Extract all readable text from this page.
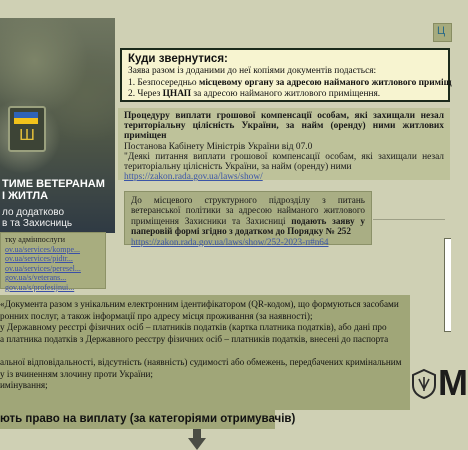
Ш
ТИМЕ ВЕТЕРАНАМ
І ЖИТЛА
ло додатково
в та Захисниць
тку адмінпослуги
ov.ua/services/kompe...
ov.ua/services/pidtr...
ov.ua/services/peresel...
gov.ua/s/veterans...
gov.ua/s/profesijnui...
Ц
Куди звернутися:
Заява разом із доданими до неї копіями документів подається:
1. Безпосередньо місцевому органу за адресою найманого житлового приміщ
2. Через ЦНАП за адресою найманого житлового приміщення.
Процедуру виплати грошової компенсації особам, які захищали незал територіальну цілісність України, за найм (оренду) ними житлових приміщен
Постанова Кабінету Міністрів України від 07.0
"Деякі питання виплати грошової компенсації особам, які захищали незал територіальну цілісність України, за найм (оренду) ними
https://zakon.rada.gov.ua/laws/show/
До місцевого структурного підрозділу з питань ветеранської політики за адресою найманого житлового приміщення Захисники та Захисниці подають заяву у паперовій формі згідно з додатком до Порядку № 252
https://zakon.rada.gov.ua/laws/show/252-2023-п#n64

«Документа разом з унікальним електронним ідентифікатором (QR-кодом), що формуються засобами

ронних послуг, а також інформації про адресу місця проживання (за наявності);

у Державному реєстрі фізичних осіб – платників податків (картка платника податків), або дані про

а платника податків з Державного реєстру фізичних осіб – платників податків, внесені до паспорта

альної відповідальності, відсутність (наявність) судимості або обмежень, передбачених кримінальним

у із вчиненням злочину проти України;

имінування;

ють право на виплату (за категоріями отримувачів)
М
